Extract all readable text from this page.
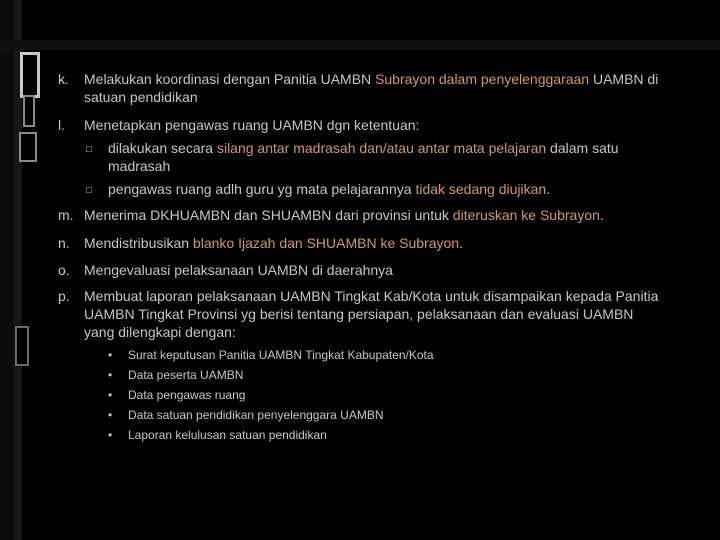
k.	Melakukan koordinasi dengan Panitia UAMBN Subrayon dalam penyelenggaraan UAMBN di satuan pendidikan
l.	Menetapkan pengawas ruang UAMBN dgn ketentuan:
□ dilakukan secara silang antar madrasah dan/atau antar mata pelajaran dalam satu madrasah
□ pengawas ruang adlh guru yg mata pelajarannya tidak sedang diujikan.
m. Menerima DKHUAMBN dan SHUAMBN dari provinsi untuk diteruskan ke Subrayon.
n.	Mendistribusikan blanko Ijazah dan SHUAMBN ke Subrayon.
o.	Mengevaluasi pelaksanaan UAMBN di daerahnya
p.	Membuat laporan pelaksanaan UAMBN Tingkat Kab/Kota untuk disampaikan kepada Panitia UAMBN Tingkat Provinsi yg berisi tentang persiapan, pelaksanaan dan evaluasi UAMBN yang dilengkapi dengan:
• Surat keputusan Panitia UAMBN Tingkat Kabupaten/Kota
• Data peserta UAMBN
• Data pengawas ruang
• Data satuan pendidikan penyelenggara UAMBN
• Laporan kelulusan satuan pendidikan
